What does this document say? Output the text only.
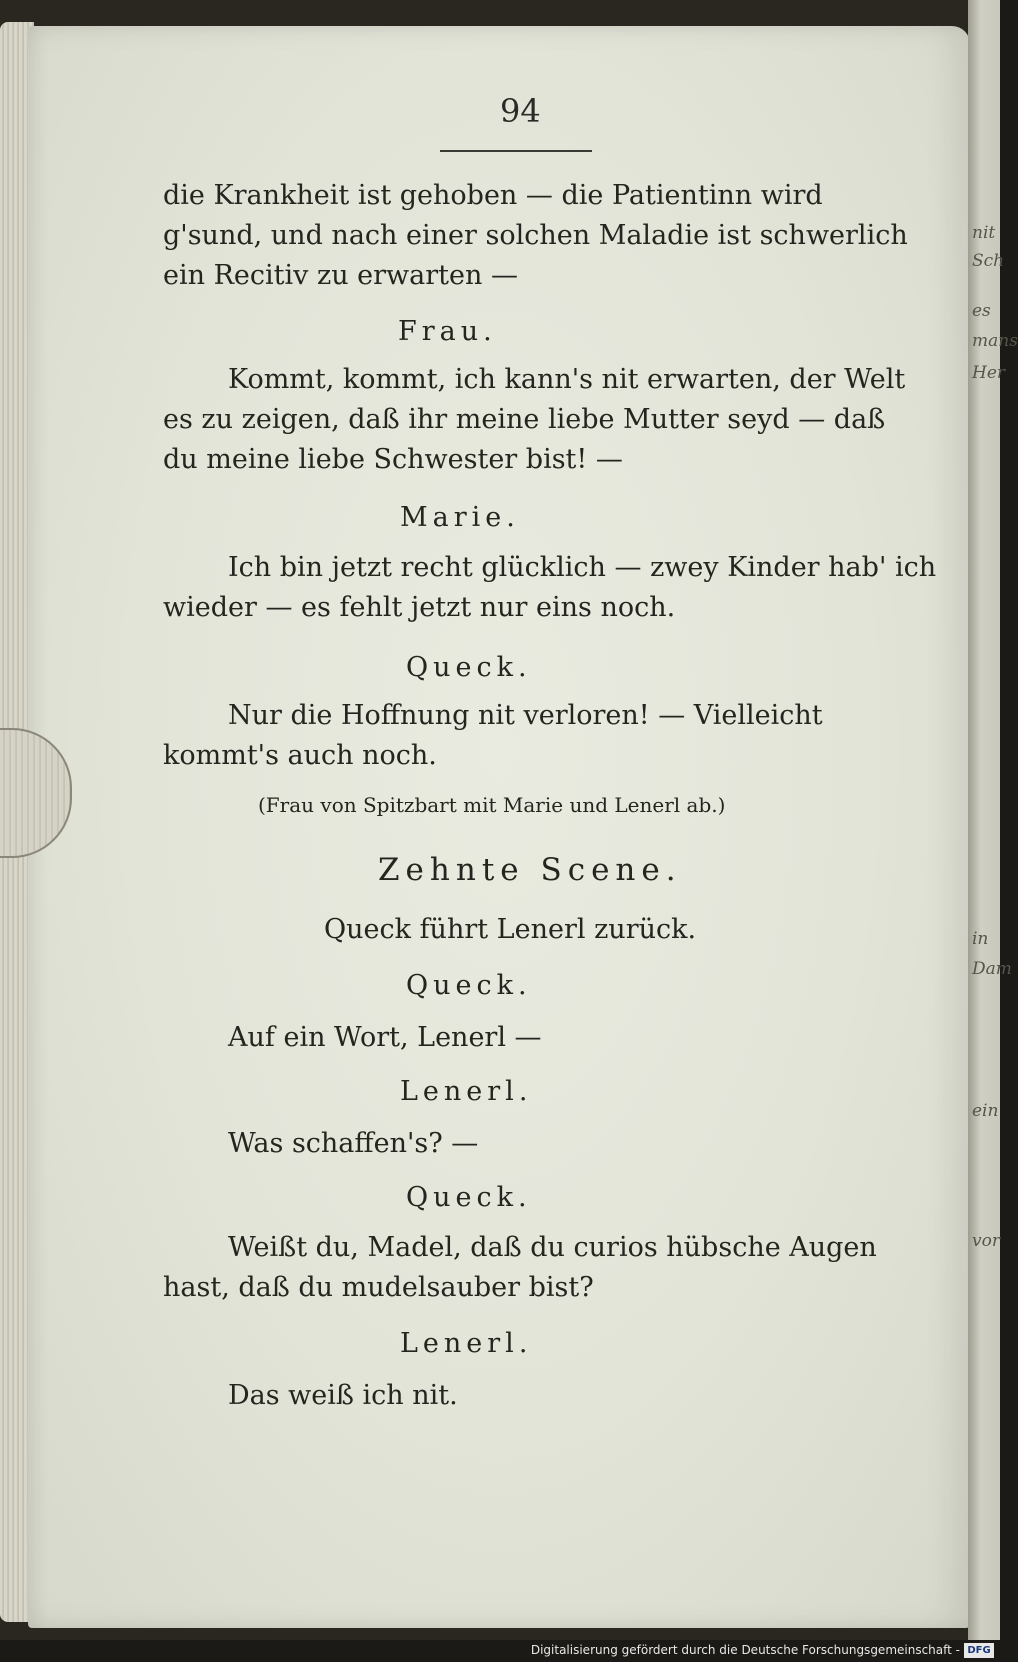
nit
Sch
es
mans
Her
in
Dam
ein
vor
94
die Krankheit ist gehoben — die Patientinn wird
g'sund, und nach einer solchen Maladie ist schwerlich
ein Recitiv zu erwarten —
Frau.
Kommt, kommt, ich kann's nit erwarten, der Welt
es zu zeigen, daß ihr meine liebe Mutter seyd — daß
du meine liebe Schwester bist! —
Marie.
Ich bin jetzt recht glücklich — zwey Kinder hab' ich
wieder — es fehlt jetzt nur eins noch.
Queck.
Nur die Hoffnung nit verloren! — Vielleicht
kommt's auch noch.
(Frau von Spitzbart mit Marie und Lenerl ab.)
Zehnte Scene.
Queck führt Lenerl zurück.
Queck.
Auf ein Wort, Lenerl —
Lenerl.
Was schaffen's? —
Queck.
Weißt du, Madel, daß du curios hübsche Augen
hast, daß du mudelsauber bist?
Lenerl.
Das weiß ich nit.
Digitalisierung gefördert durch die Deutsche Forschungsgemeinschaft - DFG
